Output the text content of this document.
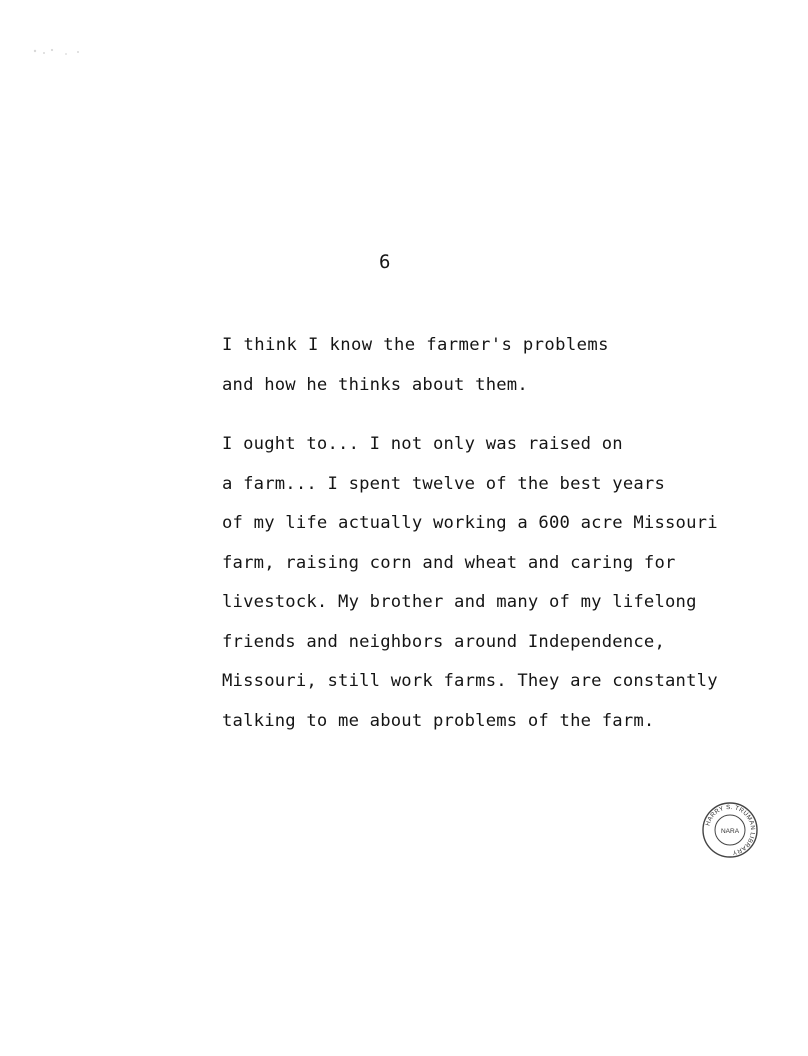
6
I think I know the farmer's problems
and how he thinks about them.
I ought to... I not only was raised on
a farm... I spent twelve of the best years
of my life actually working a 600 acre Missouri
farm, raising corn and wheat and caring for
livestock. My brother and many of my lifelong
friends and neighbors around Independence,
Missouri, still work farms. They are constantly
talking to me about problems of the farm.
HARRY S. TRUMAN LIBRARY
NARA
